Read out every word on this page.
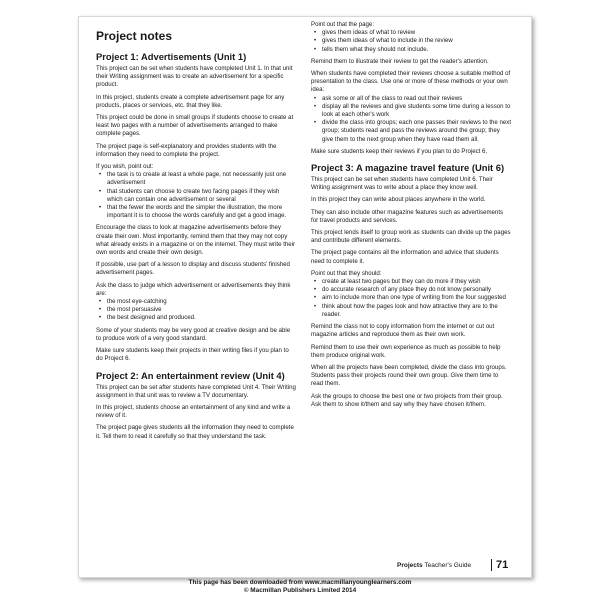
Project notes
Project 1: Advertisements (Unit 1)

This project can be set when students have completed Unit 1. In that unit their Writing assignment was to create an advertisement for a specific product.

In this project, students create a complete advertisement page for any products, places or services, etc. that they like.

This project could be done in small groups if students choose to create at least two pages with a number of advertisements arranged to make complete pages.

The project page is self-explanatory and provides students with the information they need to complete the project.

If you wish, point out:

• the task is to create at least a whole page, not necessarily just one advertisement
• that students can choose to create two facing pages if they wish which can contain one advertisement or several
• that the fewer the words and the simpler the illustration, the more important it is to choose the words carefully and get a good image.

Encourage the class to look at magazine advertisements before they create their own. Most importantly, remind them that they may not copy what already exists in a magazine or on the internet. They must write their own words and create their own design.

If possible, use part of a lesson to display and discuss students' finished advertisement pages.

Ask the class to judge which advertisement or advertisements they think are:

• the most eye-catching
• the most persuasive
• the best designed and produced.

Some of your students may be very good at creative design and be able to produce work of a very good standard.

Make sure students keep their projects in their writing files if you plan to do Project 6.

Project 2: An entertainment review (Unit 4)

This project can be set after students have completed Unit 4. Their Writing assignment in that unit was to review a TV documentary.

In this project, students choose an entertainment of any kind and write a review of it.

The project page gives students all the information they need to complete it. Tell them to read it carefully so that they understand the task.

Point out that the page:

• gives them ideas of what to review
• gives them ideas of what to include in the review
• tells them what they should not include.

Remind them to illustrate their review to get the reader's attention.

When students have completed their reviews choose a suitable method of presentation to the class. Use one or more of these methods or your own idea:

• ask some or all of the class to read out their reviews
• display all the reviews and give students some time during a lesson to look at each other's work
• divide the class into groups; each one passes their reviews to the next group; students read and pass the reviews around the group; they give them to the next group when they have read them all.

Make sure students keep their reviews if you plan to do Project 6.

Project 3: A magazine travel feature (Unit 6)

This project can be set when students have completed Unit 6. Their Writing assignment was to write about a place they know well.

In this project they can write about places anywhere in the world.

They can also include other magazine features such as advertisements for travel products and services.

This project lends itself to group work as students can divide up the pages and contribute different elements.

The project page contains all the information and advice that students need to complete it.

Point out that they should:

• create at least two pages but they can do more if they wish
• do accurate research of any place they do not know personally
• aim to include more than one type of writing from the four suggested
• think about how the pages look and how attractive they are to the reader.

Remind the class not to copy information from the internet or cut out magazine articles and reproduce them as their own work.

Remind them to use their own experience as much as possible to help them produce original work.

When all the projects have been completed, divide the class into groups. Students pass their projects round their own group. Give them time to read them.

Ask the groups to choose the best one or two projects from their group. Ask them to show it/them and say why they have chosen it/them.

Projects Teacher's Guide	71
This page has been downloaded from www.macmillanyounglearners.com
© Macmillan Publishers Limited 2014
